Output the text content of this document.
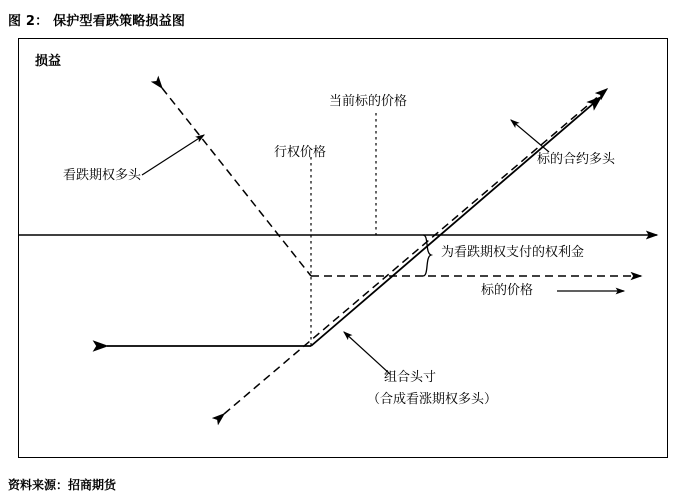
图 2： 保护型看跌策略损益图
损益
看跌期权多头
行权价格
当前标的价格
标的合约多头
为看跌期权支付的权利金
标的价格
组合头寸
（合成看涨期权多头）
资料来源：招商期货
